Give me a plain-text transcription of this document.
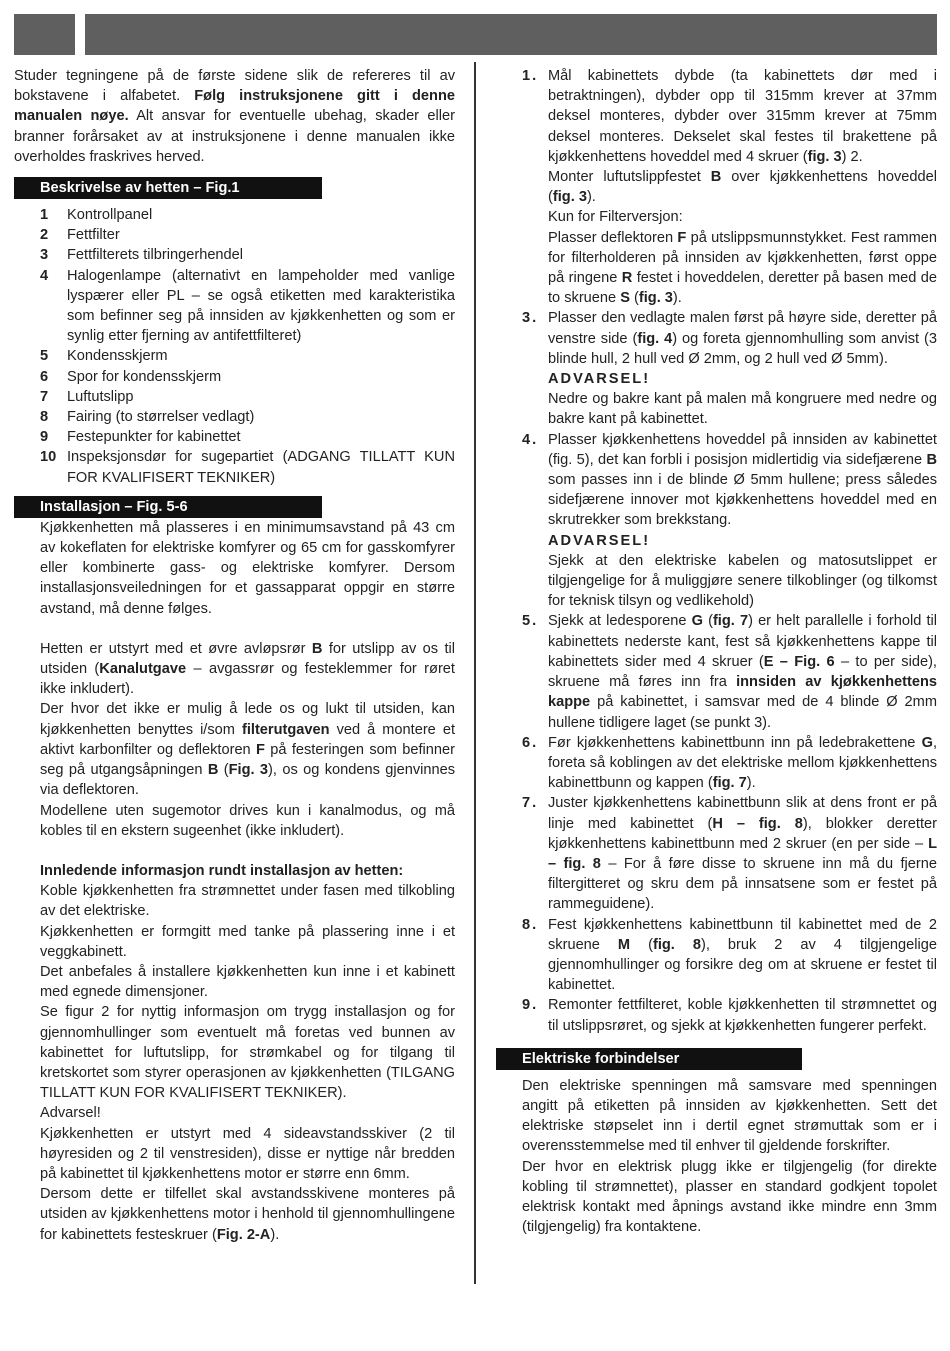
Studer tegningene på de første sidene slik de refereres til av bokstavene i alfabetet. Følg instruksjonene gitt i denne manualen nøye. Alt ansvar for eventuelle ubehag, skader eller branner forårsaket av at instruksjonene i denne manualen ikke overholdes fraskrives herved.

Beskrivelse av hetten – Fig.1
1 Kontrollpanel
2 Fettfilter
3 Fettfilterets tilbringerhendel
4 Halogenlampe (alternativt en lampeholder med vanlige lyspærer eller PL – se også etiketten med karakteristika som befinner seg på innsiden av kjøkkenhetten og som er synlig etter fjerning av antifettfilteret)
5 Kondensskjerm
6 Spor for kondensskjerm
7 Luftutslipp
8 Fairing (to størrelser vedlagt)
9 Festepunkter for kabinettet
10 Inspeksjonsdør for sugepartiet (ADGANG TILLATT KUN FOR KVALIFISERT TEKNIKER)
Installasjon – Fig. 5-6

Kjøkkenhetten må plasseres i en minimumsavstand på 43 cm av kokeflaten for elektriske komfyrer og 65 cm for gasskomfyrer eller kombinerte gass- og elektriske komfyrer. Dersom installasjonsveiledningen for et gassapparat oppgir en større avstand, må denne følges.

Hetten er utstyrt med et øvre avløpsrør B for utslipp av os til utsiden (Kanalutgave – avgassrør og festeklemmer for røret ikke inkludert).

Der hvor det ikke er mulig å lede os og lukt til utsiden, kan kjøkkenhetten benyttes i/som filterutgaven ved å montere et aktivt karbonfilter og deflektoren F på festeringen som befinner seg på utgangsåpningen B (Fig. 3), os og kondens gjenvinnes via deflektoren.

Modellene uten sugemotor drives kun i kanalmodus, og må kobles til en ekstern sugeenhet (ikke inkludert).

Innledende informasjon rundt installasjon av hetten:

Koble kjøkkenhetten fra strømnettet under fasen med tilkobling av det elektriske.

Kjøkkenhetten er formgitt med tanke på plassering inne i et veggkabinett.

Det anbefales å installere kjøkkenhetten kun inne i et kabinett med egnede dimensjoner.

Se figur 2 for nyttig informasjon om trygg installasjon og for gjennomhullinger som eventuelt må foretas ved bunnen av kabinettet for luftutslipp, for strømkabel og for tilgang til kretskortet som styrer operasjonen av kjøkkenhetten (TILGANG TILLATT KUN FOR KVALIFISERT TEKNIKER).

Advarsel!

Kjøkkenhetten er utstyrt med 4 sideavstandsskiver (2 til høyresiden og 2 til venstresiden), disse er nyttige når bredden på kabinettet til kjøkkenhettens motor er større enn 6mm.

Dersom dette er tilfellet skal avstandsskivene monteres på utsiden av kjøkkenhettens motor i henhold til gjennomhullingene for kabinettets festeskruer (Fig. 2-A).

1. Mål kabinettets dybde (ta kabinettets dør med i betraktningen), dybder opp til 315mm krever at 37mm deksel monteres, dybder over 315mm krever at 75mm deksel monteres. Dekselet skal festes til brakettene på kjøkkenhettens hoveddel med 4 skruer (fig. 3) 2.

Monter luftutslippfestet B over kjøkkenhettens hoveddel (fig. 3).

Kun for Filterversjon:

Plasser deflektoren F på utslippsmunnstykket. Fest rammen for filterholderen på innsiden av kjøkkenhetten, først oppe på ringene R festet i hoveddelen, deretter på basen med de to skruene S (fig. 3).

3. Plasser den vedlagte malen først på høyre side, deretter på venstre side (fig. 4) og foreta gjennomhulling som anvist (3 blinde hull, 2 hull ved Ø 2mm, og 2 hull ved Ø 5mm).

ADVARSEL!

Nedre og bakre kant på malen må kongruere med nedre og bakre kant på kabinettet.

4. Plasser kjøkkenhettens hoveddel på innsiden av kabinettet (fig. 5), det kan forbli i posisjon midlertidig via sidefjærene B som passes inn i de blinde Ø 5mm hullene; press således sidefjærene innover mot kjøkkenhettens hoveddel med en skrutrekker som brekkstang.

ADVARSEL!

Sjekk at den elektriske kabelen og matosutslippet er tilgjengelige for å muliggjøre senere tilkoblinger (og tilkomst for teknisk tilsyn og vedlikehold)

5. Sjekk at ledesporene G (fig. 7) er helt parallelle i forhold til kabinettets nederste kant, fest så kjøkkenhettens kappe til kabinettets sider med 4 skruer (E – Fig. 6 – to per side), skruene må føres inn fra innsiden av kjøkkenhettens kappe på kabinettet, i samsvar med de 4 blinde Ø 2mm hullene tidligere laget (se punkt 3).

6. Før kjøkkenhettens kabinettbunn inn på ledebrakettene G, foreta så koblingen av det elektriske mellom kjøkkenhettens kabinettbunn og kappen (fig. 7).

7. Juster kjøkkenhettens kabinettbunn slik at dens front er på linje med kabinettet (H – fig. 8), blokker deretter kjøkkenhettens kabinettbunn med 2 skruer (en per side – L – fig. 8 – For å føre disse to skruene inn må du fjerne filtergitteret og skru dem på innsatsene som er festet på rammeguidene).

8. Fest kjøkkenhettens kabinettbunn til kabinettet med de 2 skruene M (fig. 8), bruk 2 av 4 tilgjengelige gjennomhullinger og forsikre deg om at skruene er festet til kabinettet.

9. Remonter fettfilteret, koble kjøkkenhetten til strømnettet og til utslippsrøret, og sjekk at kjøkkenhetten fungerer perfekt.

Elektriske forbindelser

Den elektriske spenningen må samsvare med spenningen angitt på etiketten på innsiden av kjøkkenhetten. Sett det elektriske støpselet inn i dertil egnet strømuttak som er i overensstemmelse med til enhver til gjeldende forskrifter.

Der hvor en elektrisk plugg ikke er tilgjengelig (for direkte kobling til strømnettet), plasser en standard godkjent topolet elektrisk kontakt med åpnings avstand ikke mindre enn 3mm (tilgjengelig) fra kontaktene.
